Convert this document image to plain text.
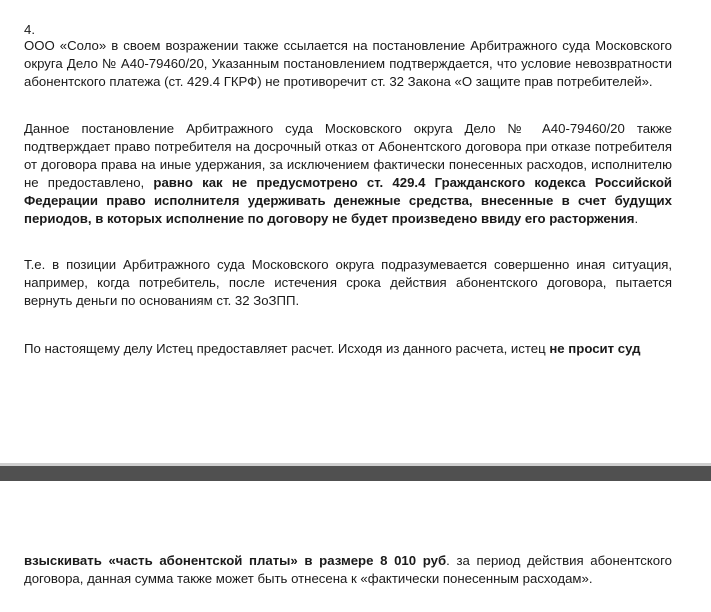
4.

ООО «Соло» в своем возражении также ссылается на постановление Арбитражного суда Московского округа Дело № А40-79460/20, Указанным постановлением подтверждается, что условие невозвратности абонентского платежа (ст. 429.4 ГКРФ) не противоречит ст. 32 Закона «О защите прав потребителей».

Данное постановление Арбитражного суда Московского округа Дело № А40-79460/20 также подтверждает право потребителя на досрочный отказ от Абонентского договора при отказе потребителя от договора права на иные удержания, за исключением фактически понесенных расходов, исполнителю не предоставлено, равно как не предусмотрено ст. 429.4 Гражданского кодекса Российской Федерации право исполнителя удерживать денежные средства, внесенные в счет будущих периодов, в которых исполнение по договору не будет произведено ввиду его расторжения.

Т.е. в позиции Арбитражного суда Московского округа подразумевается совершенно иная ситуация, например, когда потребитель, после истечения срока действия абонентского договора, пытается вернуть деньги по основаниям ст. 32 ЗоЗПП.

По настоящему делу Истец предоставляет расчет. Исходя из данного расчета, истец не просит суд

взыскивать «часть абонентской платы» в размере 8 010 руб. за период действия абонентского договора, данная сумма также может быть отнесена к «фактически понесенным расходам».
